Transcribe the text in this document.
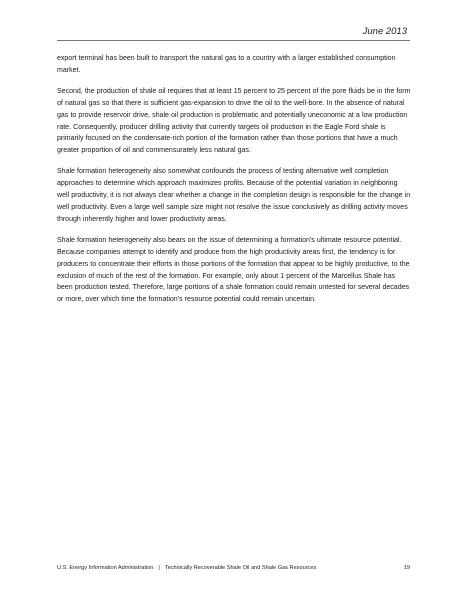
June 2013

export terminal has been built to transport the natural gas to a country with a larger established consumption market.

Second, the production of shale oil requires that at least 15 percent to 25 percent of the pore fluids be in the form of natural gas so that there is sufficient gas-expansion to drive the oil to the well-bore. In the absence of natural gas to provide reservoir drive, shale oil production is problematic and potentially uneconomic at a low production rate. Consequently, producer drilling activity that currently targets oil production in the Eagle Ford shale is primarily focused on the condensate-rich portion of the formation rather than those portions that have a much greater proportion of oil and commensurately less natural gas.

Shale formation heterogeneity also somewhat confounds the process of testing alternative well completion approaches to determine which approach maximizes profits. Because of the potential variation in neighboring well productivity, it is not always clear whether a change in the completion design is responsible for the change in well productivity. Even a large well sample size might not resolve the issue conclusively as drilling activity moves through inherently higher and lower productivity areas.

Shale formation heterogeneity also bears on the issue of determining a formation’s ultimate resource potential. Because companies attempt to identify and produce from the high productivity areas first, the tendency is for producers to concentrate their efforts in those portions of the formation that appear to be highly productive, to the exclusion of much of the rest of the formation. For example, only about 1 percent of the Marcellus Shale has been production tested. Therefore, large portions of a shale formation could remain untested for several decades or more, over which time the formation’s resource potential could remain uncertain.

U.S. Energy Information Administration | Technically Recoverable Shale Oil and Shale Gas Resources	19
